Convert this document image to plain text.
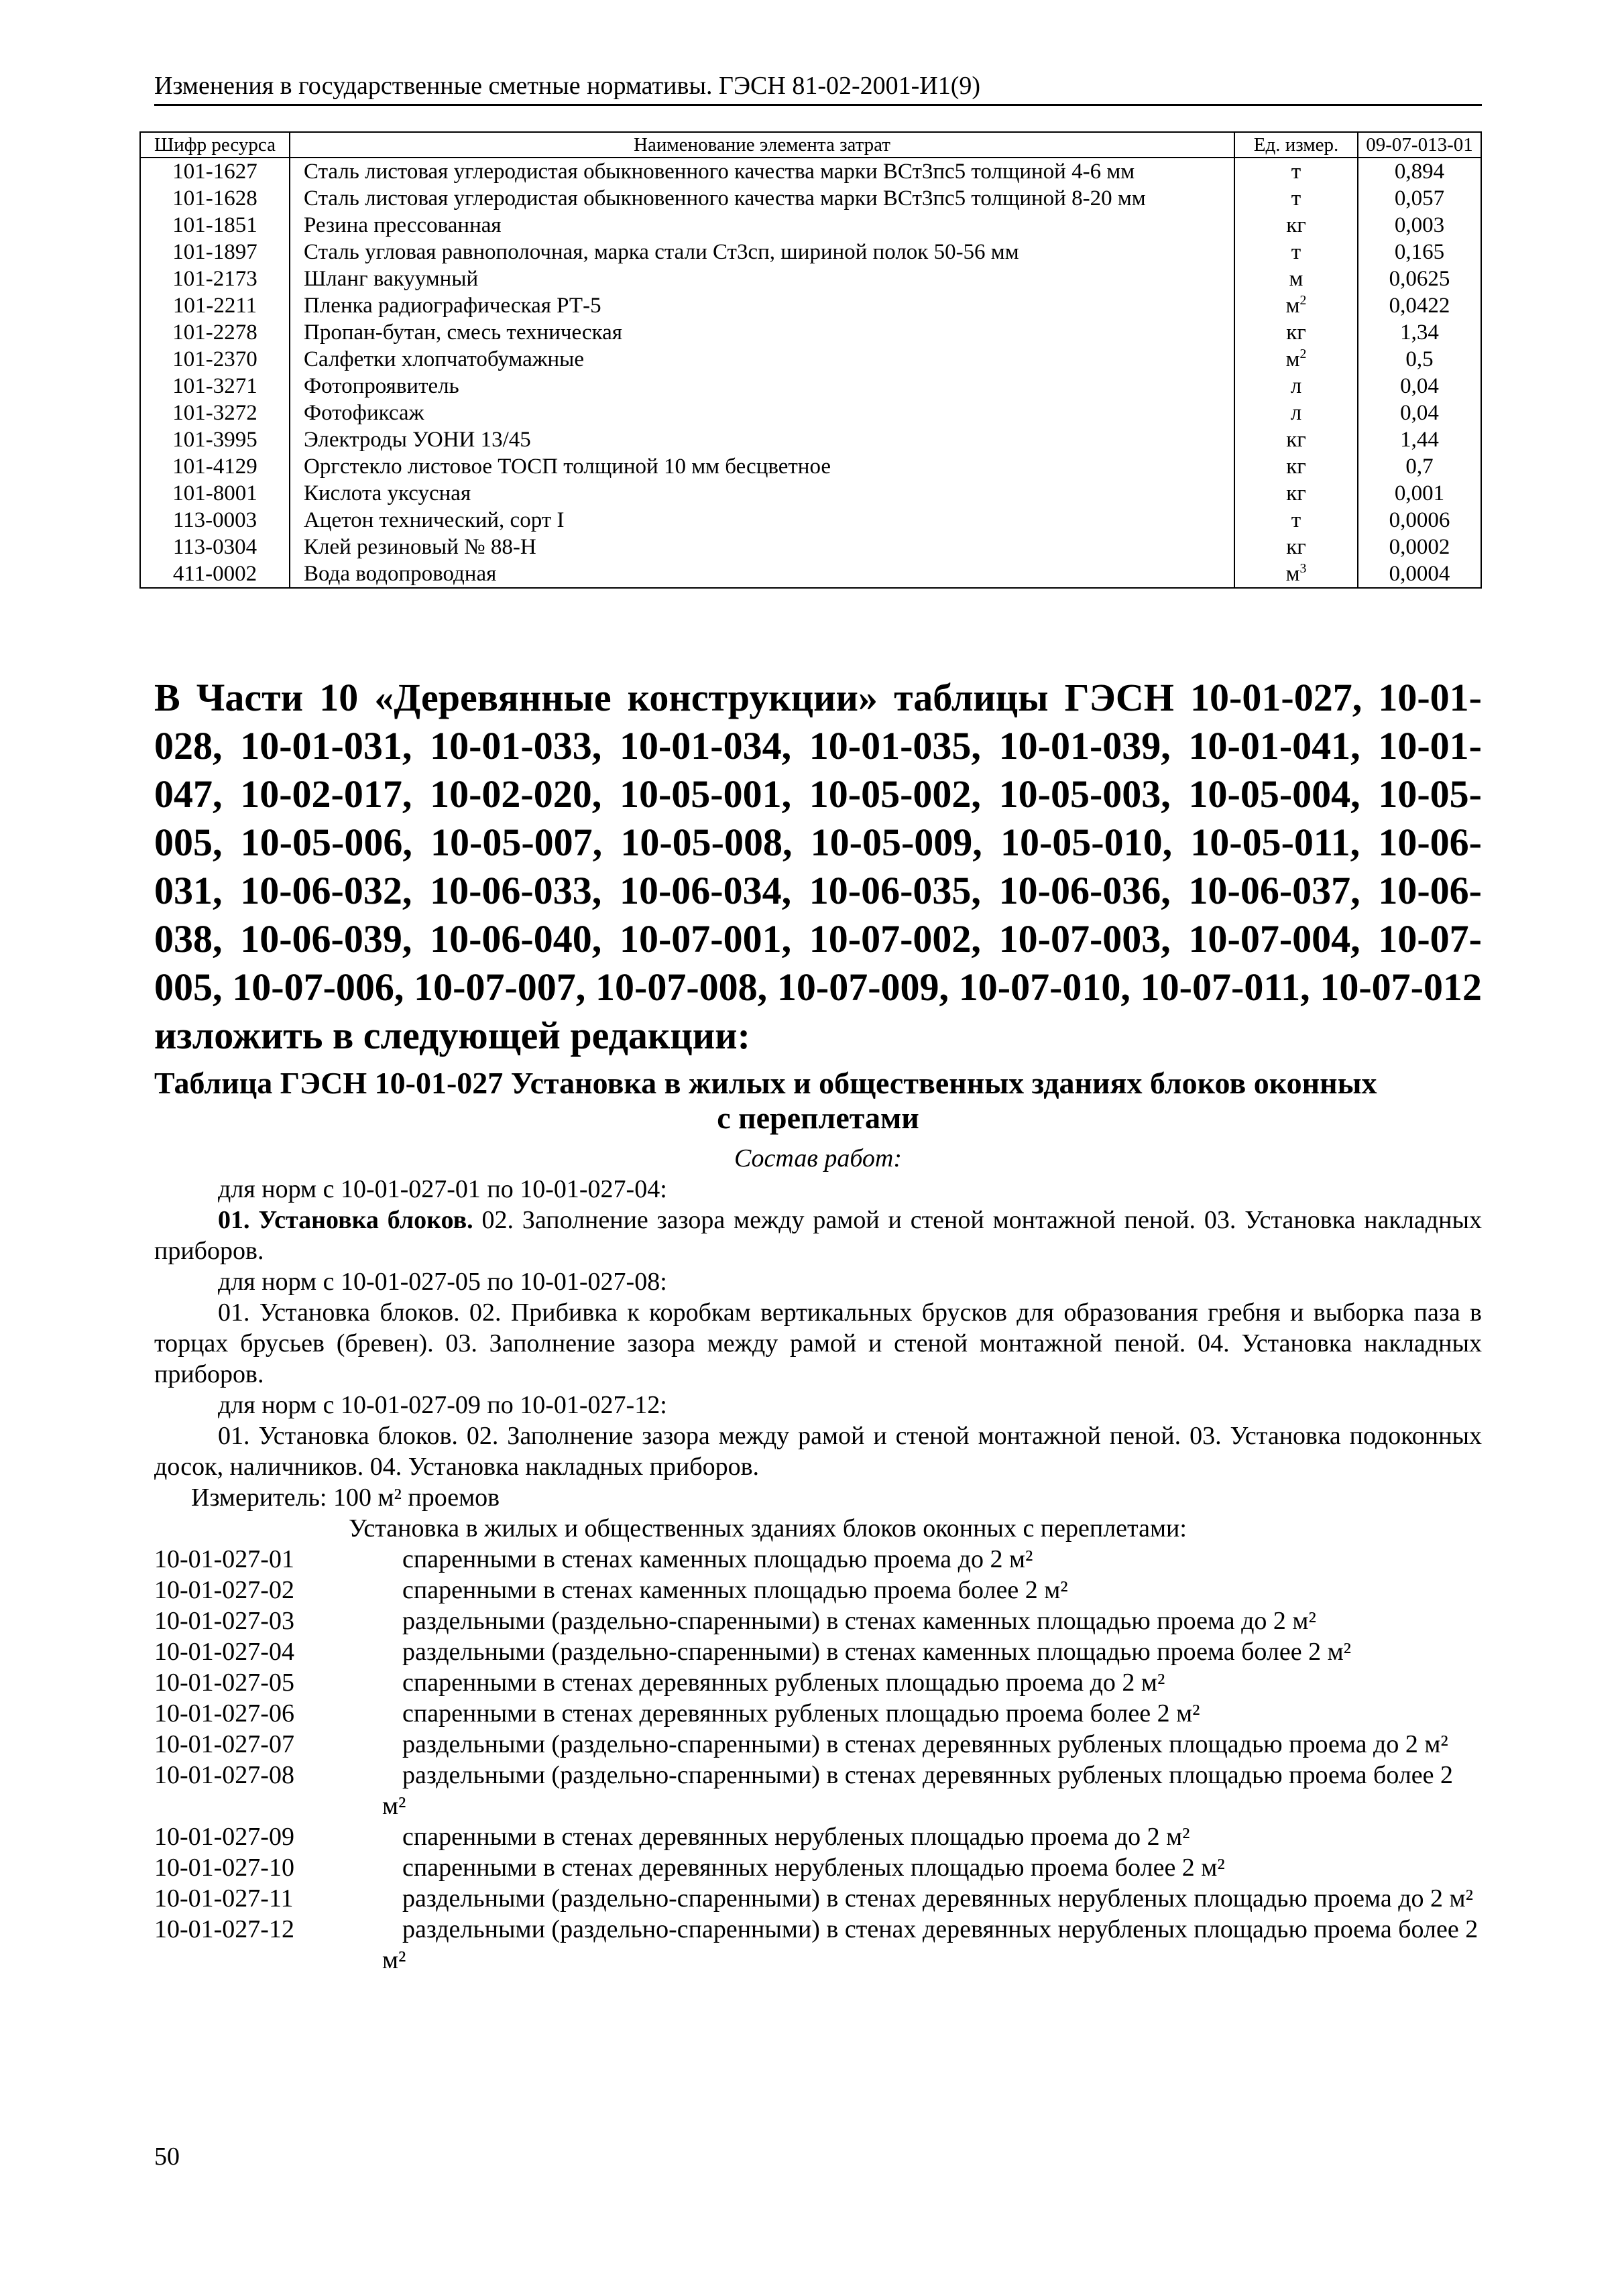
Изменения в государственные сметные нормативы. ГЭСН 81-02-2001-И1(9)
Шифр ресурса	Наименование элемента затрат	Ед. измер.	09-07-013-01
101-1627	Сталь листовая углеродистая обыкновенного качества марки ВСт3пс5 толщиной 4-6 мм	т	0,894
101-1628	Сталь листовая углеродистая обыкновенного качества марки ВСт3пс5 толщиной 8-20 мм	т	0,057
101-1851	Резина прессованная	кг	0,003
101-1897	Сталь угловая равнополочная, марка стали Ст3сп, шириной полок 50-56 мм	т	0,165
101-2173	Шланг вакуумный	м	0,0625
101-2211	Пленка радиографическая РТ-5	$м^2$	0,0422
101-2278	Пропан-бутан, смесь техническая	кг	1,34
101-2370	Салфетки хлопчатобумажные	$м^2$	0,5
101-3271	Фотопроявитель	л	0,04
101-3272	Фотофиксаж	л	0,04
101-3995	Электроды УОНИ 13/45	кг	1,44
101-4129	Оргстекло листовое ТОСП толщиной 10 мм бесцветное	кг	0,7
101-8001	Кислота уксусная	кг	0,001
113-0003	Ацетон технический, сорт I	т	0,0006
113-0304	Клей резиновый № 88-Н	кг	0,0002
411-0002	Вода водопроводная	$м^3$	0,0004
В Части 10 «Деревянные конструкции» таблицы ГЭСН 10-01-027, 10-01-028, 10-01-031, 10-01-033, 10-01-034, 10-01-035, 10-01-039, 10-01-041, 10-01-047, 10-02-017, 10-02-020, 10-05-001, 10-05-002, 10-05-003, 10-05-004, 10-05-005, 10-05-006, 10-05-007, 10-05-008, 10-05-009, 10-05-010, 10-05-011, 10-06-031, 10-06-032, 10-06-033, 10-06-034, 10-06-035, 10-06-036, 10-06-037, 10-06-038, 10-06-039, 10-06-040, 10-07-001, 10-07-002, 10-07-003, 10-07-004, 10-07-005, 10-07-006, 10-07-007, 10-07-008, 10-07-009, 10-07-010, 10-07-011, 10-07-012 изложить в следующей редакции:
Таблица ГЭСН 10-01-027 Установка в жилых и общественных зданиях блоков оконных
с переплетами

Состав работ:

для норм с 10-01-027-01 по 10-01-027-04:

01. Установка блоков. 02. Заполнение зазора между рамой и стеной монтажной пеной. 03. Установка накладных приборов.

для норм с 10-01-027-05 по 10-01-027-08:

01. Установка блоков. 02. Прибивка к коробкам вертикальных брусков для образования гребня и выборка паза в торцах брусьев (бревен). 03. Заполнение зазора между рамой и стеной монтажной пеной. 04. Установка накладных приборов.

для норм с 10-01-027-09 по 10-01-027-12:

01. Установка блоков. 02. Заполнение зазора между рамой и стеной монтажной пеной. 03. Установка подоконных досок, наличников. 04. Установка накладных приборов.

Измеритель: 100 м² проемов

Установка в жилых и общественных зданиях блоков оконных с переплетами:

10-01-027-01	спаренными в стенах каменных площадью проема до 2 м²
10-01-027-02	спаренными в стенах каменных площадью проема более 2 м²
10-01-027-03	раздельными (раздельно-спаренными) в стенах каменных площадью проема до 2 м²
10-01-027-04	раздельными (раздельно-спаренными) в стенах каменных площадью проема более 2 м²
10-01-027-05	спаренными в стенах деревянных рубленых площадью проема до 2 м²
10-01-027-06	спаренными в стенах деревянных рубленых площадью проема более 2 м²
10-01-027-07	раздельными (раздельно-спаренными) в стенах деревянных рубленых площадью проема до 2 м²
10-01-027-08	раздельными (раздельно-спаренными) в стенах деревянных рубленых площадью проема более 2 м²
10-01-027-09	спаренными в стенах деревянных нерубленых площадью проема до 2 м²
10-01-027-10	спаренными в стенах деревянных нерубленых площадью проема более 2 м²
10-01-027-11	раздельными (раздельно-спаренными) в стенах деревянных нерубленых площадью проема до 2 м²
10-01-027-12	раздельными (раздельно-спаренными) в стенах деревянных нерубленых площадью проема более 2 м²
50
